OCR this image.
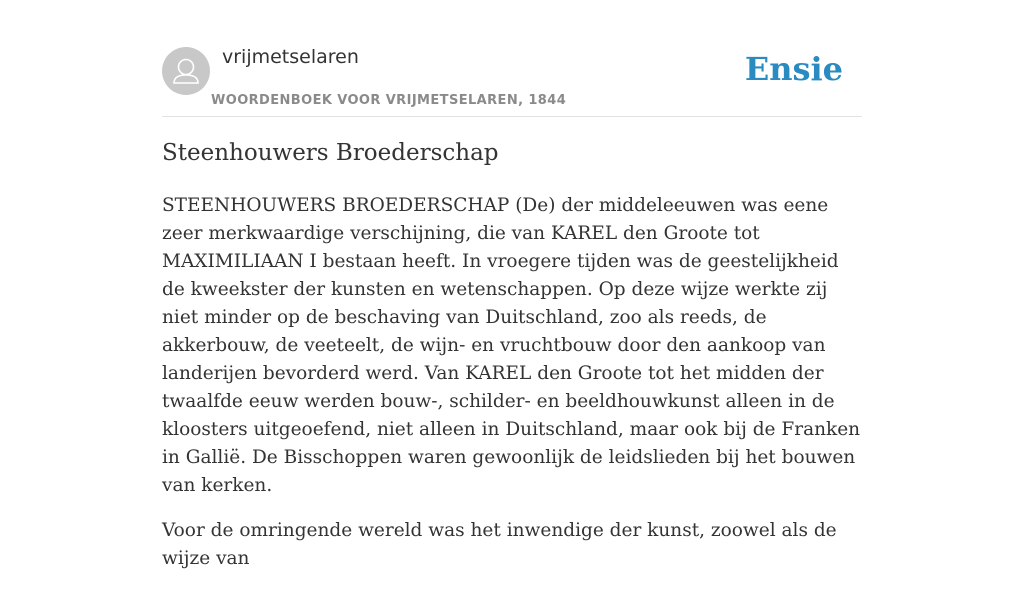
vrijmetselaren
WOORDENBOEK VOOR VRIJMETSELAREN, 1844
Ensie
Steenhouwers Broederschap

STEENHOUWERS BROEDERSCHAP (De) der middeleeuwen was eene zeer merkwaardige verschijning, die van KAREL den Groote tot MAXIMILIAAN I bestaan heeft. In vroegere tijden was de geestelijkheid de kweekster der kunsten en wetenschappen. Op deze wijze werkte zij niet minder op de beschaving van Duitschland, zoo als reeds, de akkerbouw, de veeteelt, de wijn- en vruchtbouw door den aankoop van landerijen bevorderd werd. Van KAREL den Groote tot het midden der twaalfde eeuw werden bouw-, schilder- en beeldhouwkunst alleen in de kloosters uitgeoefend, niet alleen in Duitschland, maar ook bij de Franken in Gallië. De Bisschoppen waren gewoonlijk de leidslieden bij het bouwen van kerken.

Voor de omringende wereld was het inwendige der kunst, zoowel als de wijze van
